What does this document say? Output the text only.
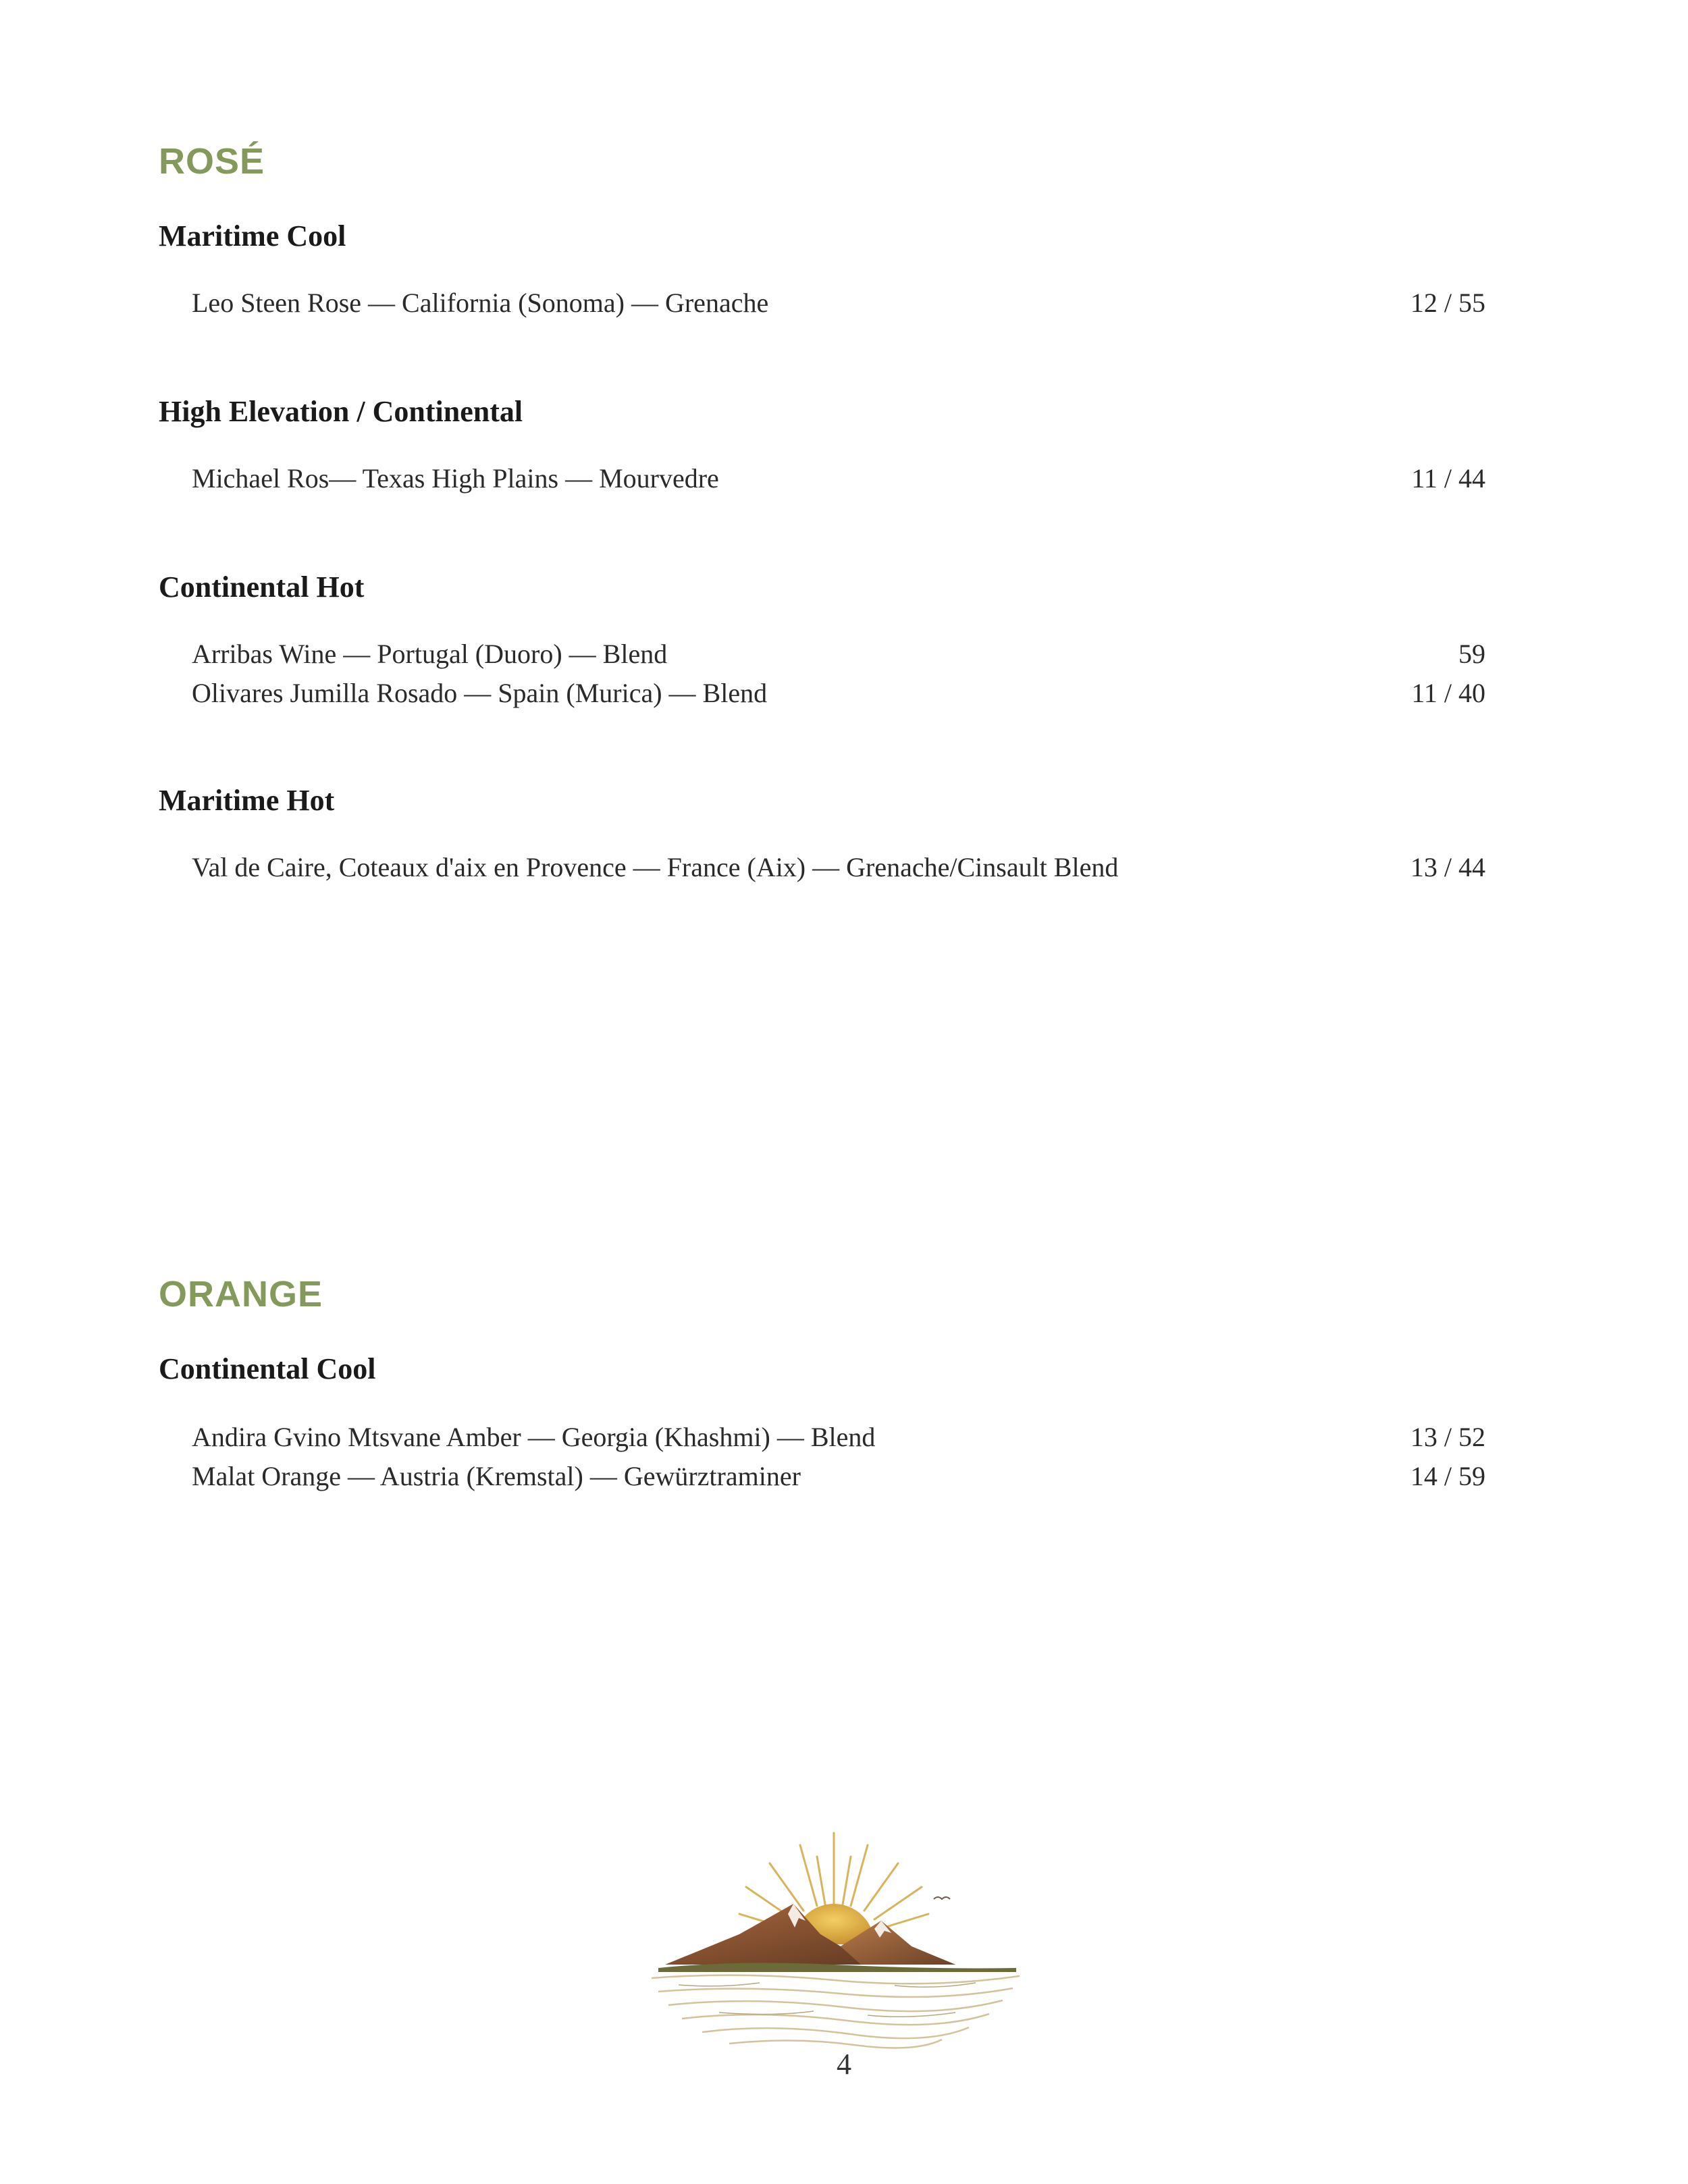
ROSÉ
Maritime Cool
Leo Steen Rose — California (Sonoma) — Grenache	12 / 55
High Elevation / Continental
Michael Ros— Texas High Plains — Mourvedre	11 / 44
Continental Hot
Arribas Wine — Portugal (Duoro) — Blend	59
Olivares Jumilla Rosado — Spain (Murica) — Blend	11 / 40
Maritime Hot
Val de Caire, Coteaux d'aix en Provence — France (Aix) — Grenache/Cinsault Blend	13 / 44
ORANGE
Continental Cool
Andira Gvino Mtsvane Amber — Georgia (Khashmi) — Blend	13 / 52
Malat Orange — Austria (Kremstal) — Gewürztraminer	14 / 59
4
